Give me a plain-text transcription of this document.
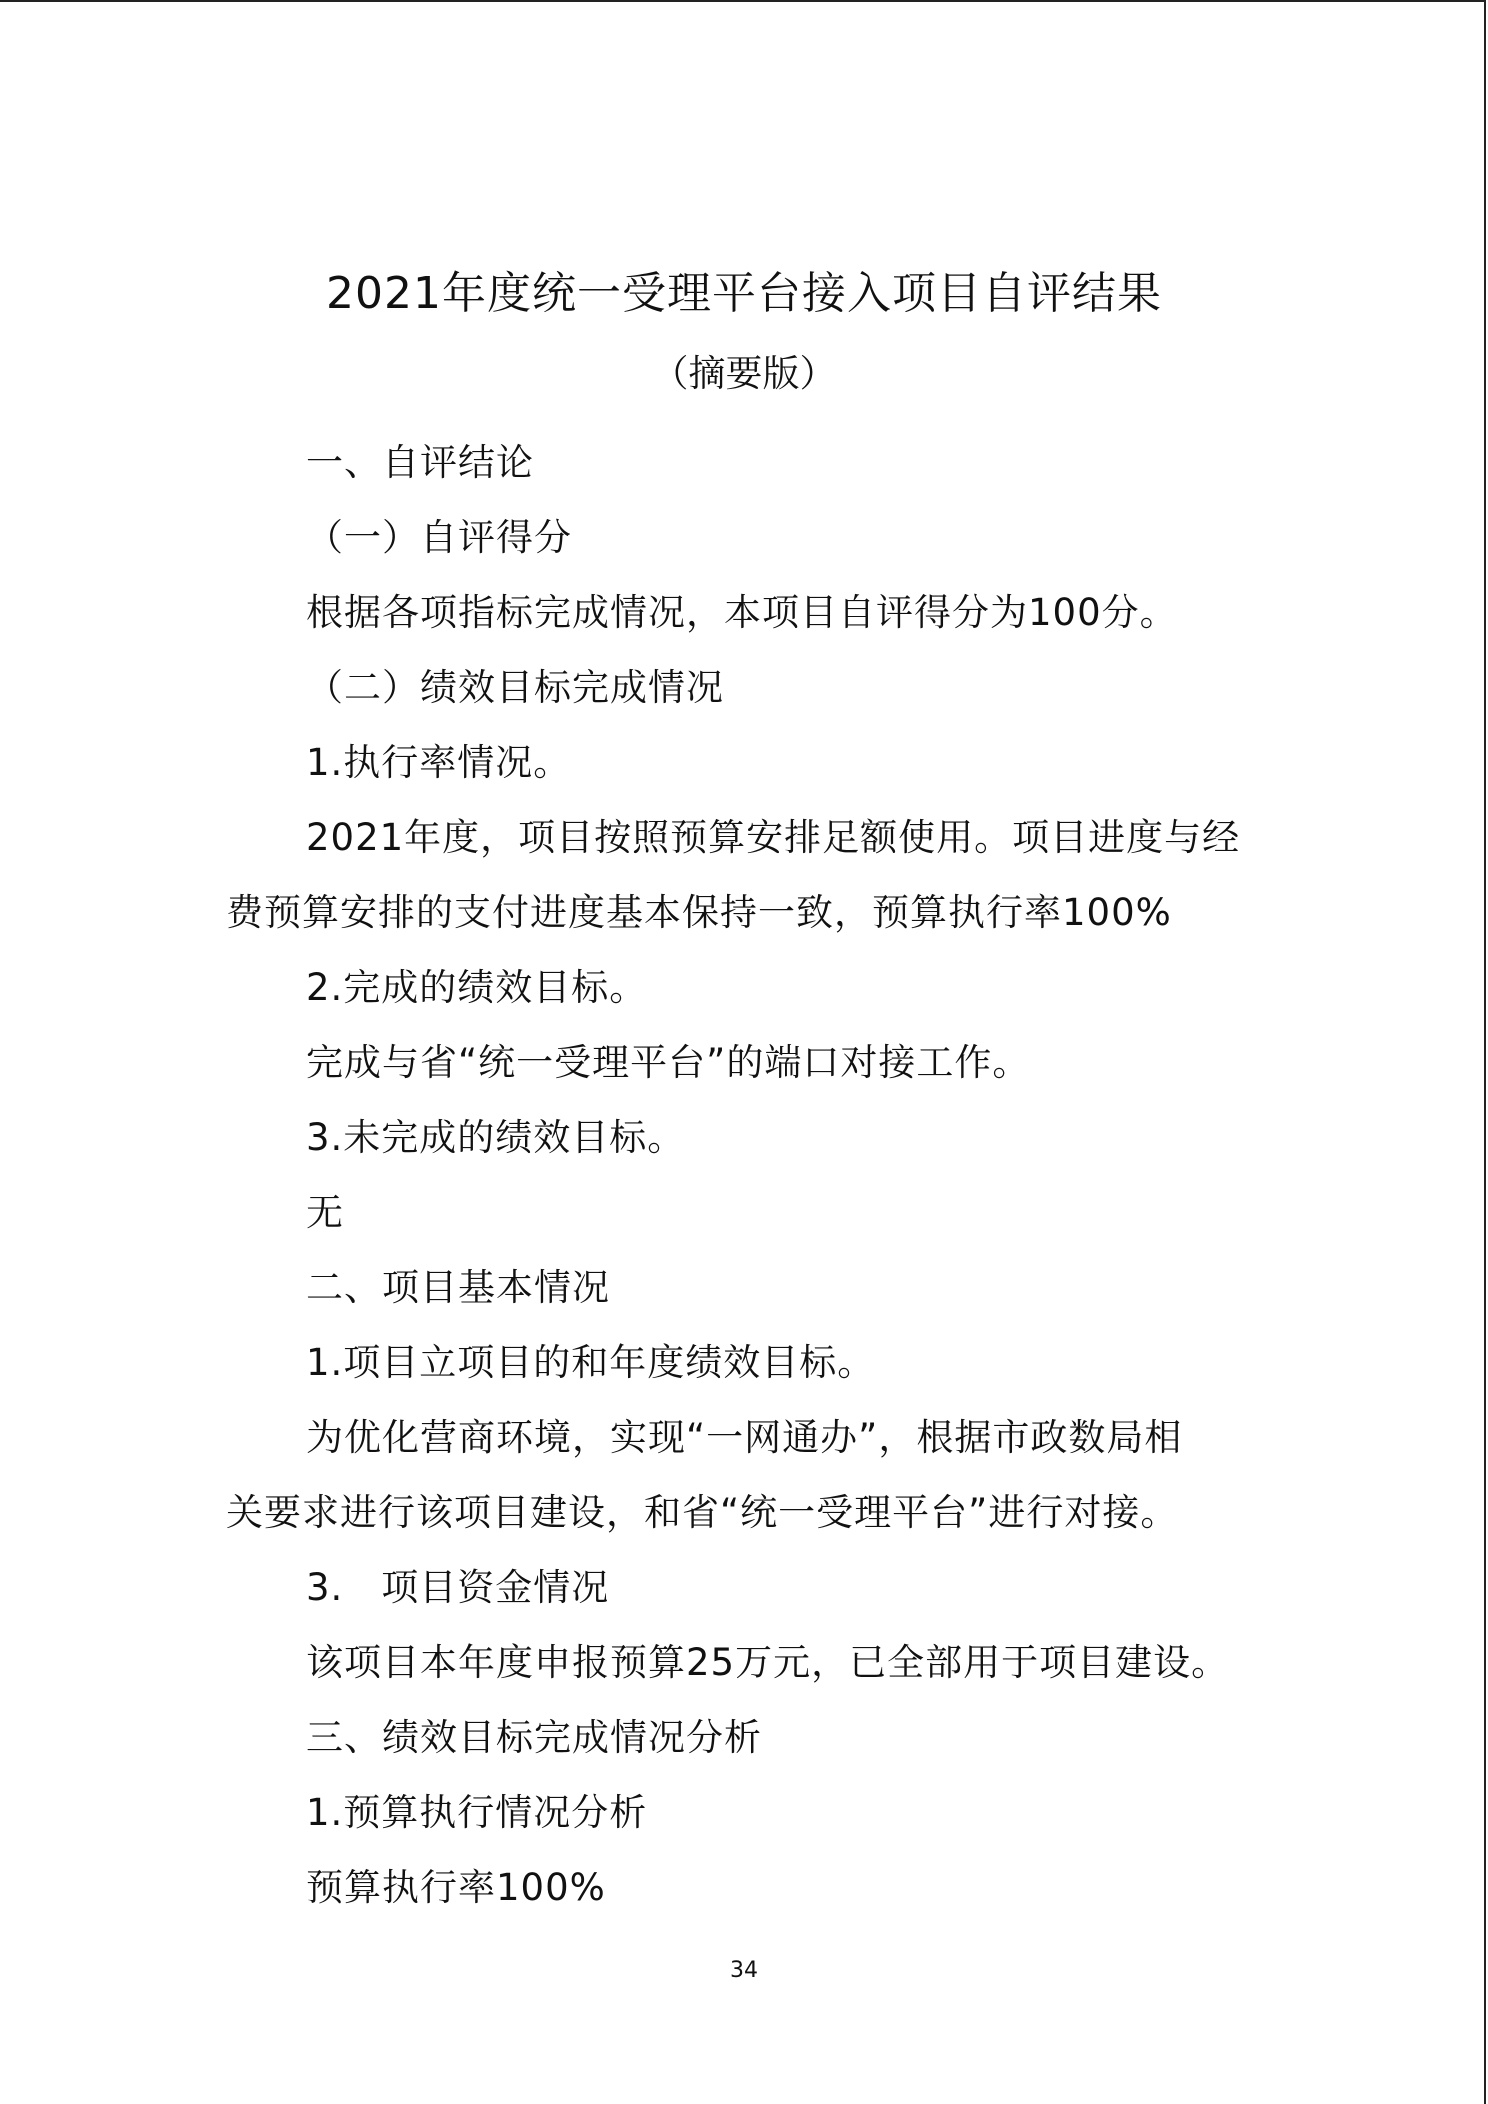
2021年度统一受理平台接入项目自评结果
（摘要版）
一、自评结论
（一）自评得分
根据各项指标完成情况，本项目自评得分为100分。
（二）绩效目标完成情况
1.执行率情况。
2021年度，项目按照预算安排足额使用。项目进度与经
费预算安排的支付进度基本保持一致，预算执行率100%
2.完成的绩效目标。
完成与省“统一受理平台”的端口对接工作。
3.未完成的绩效目标。
无
二、项目基本情况
1.项目立项目的和年度绩效目标。
为优化营商环境，实现“一网通办”，根据市政数局相
关要求进行该项目建设，和省“统一受理平台”进行对接。
3.　项目资金情况
该项目本年度申报预算25万元，已全部用于项目建设。
三、绩效目标完成情况分析
1.预算执行情况分析
预算执行率100%
34
